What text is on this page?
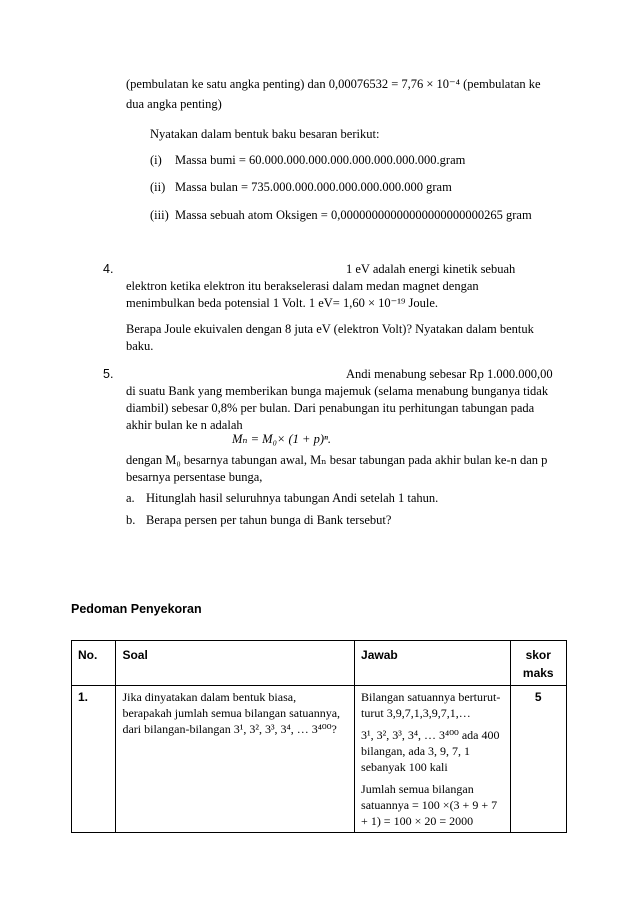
(pembulatan ke satu angka penting) dan 0,00076532 = 7,76 × 10⁻⁴ (pembulatan ke
dua angka penting)
Nyatakan dalam bentuk baku besaran berikut:
(i) Massa bumi = 60.000.000.000.000.000.000.000.000.gram
(ii) Massa bulan = 735.000.000.000.000.000.000.000 gram
(iii) Massa sebuah atom Oksigen = 0,00000000000000000000000265 gram
4.	1 eV adalah energi kinetik sebuah
elektron ketika elektron itu berakselerasi dalam medan magnet dengan
menimbulkan beda potensial 1 Volt. 1 eV= 1,60 × 10⁻¹⁹ Joule.
Berapa Joule ekuivalen dengan 8 juta eV (elektron Volt)? Nyatakan dalam bentuk
baku.
5.	Andi menabung sebesar Rp 1.000.000,00
di suatu Bank yang memberikan bunga majemuk (selama menabung bunganya tidak
diambil) sebesar 0,8% per bulan. Dari penabungan itu perhitungan tabungan pada
akhir bulan ke n adalah
Mₙ = M₀× (1 + p)ⁿ.
dengan M₀ besarnya tabungan awal, Mₙ besar tabungan pada akhir bulan ke-n dan p
besarnya persentase bunga,
a. Hitunglah hasil seluruhnya tabungan Andi setelah 1 tahun.
b. Berapa persen per tahun bunga di Bank tersebut?
Pedoman Penyekoran
No.	Soal	Jawab	skor
maks

1.	Jika dinyatakan dalam bentuk biasa, berapakah jumlah semua bilangan satuannya, dari bilangan-bilangan 3¹, 3², 3³, 3⁴, … 3⁴⁰⁰?	Bilangan satuannya berturut-turut 3,9,7,1,3,9,7,1,…

3¹, 3², 3³, 3⁴, … 3⁴⁰⁰ ada 400 bilangan, ada 3, 9, 7, 1 sebanyak 100 kali

Jumlah semua bilangan satuannya = 100 ×(3 + 9 + 7 + 1) = 100 × 20 = 2000	5
